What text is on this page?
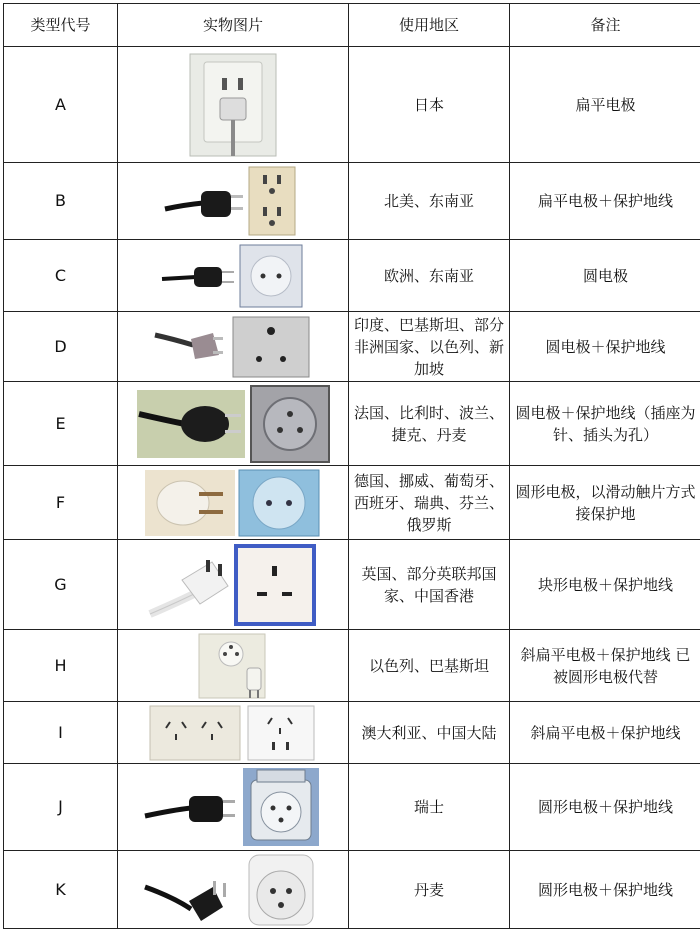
类型代号	实物图片	使用地区	备注
A		日本	扁平电极
B		北美、东南亚	扁平电极＋保护地线
C		欧洲、东南亚	圆电极
D		印度、巴基斯坦、部分非洲国家、以色列、新加坡	圆电极＋保护地线
E		法国、比利时、波兰、捷克、丹麦	圆电极＋保护地线（插座为针、插头为孔）
F		德国、挪威、葡萄牙、西班牙、瑞典、芬兰、俄罗斯	圆形电极，以滑动触片方式接保护地
G		英国、部分英联邦国家、中国香港	块形电极＋保护地线
H		以色列、巴基斯坦	斜扁平电极＋保护地线 已被圆形电极代替
I		澳大利亚、中国大陆	斜扁平电极＋保护地线
J		瑞士	圆形电极＋保护地线
K		丹麦	圆形电极＋保护地线
